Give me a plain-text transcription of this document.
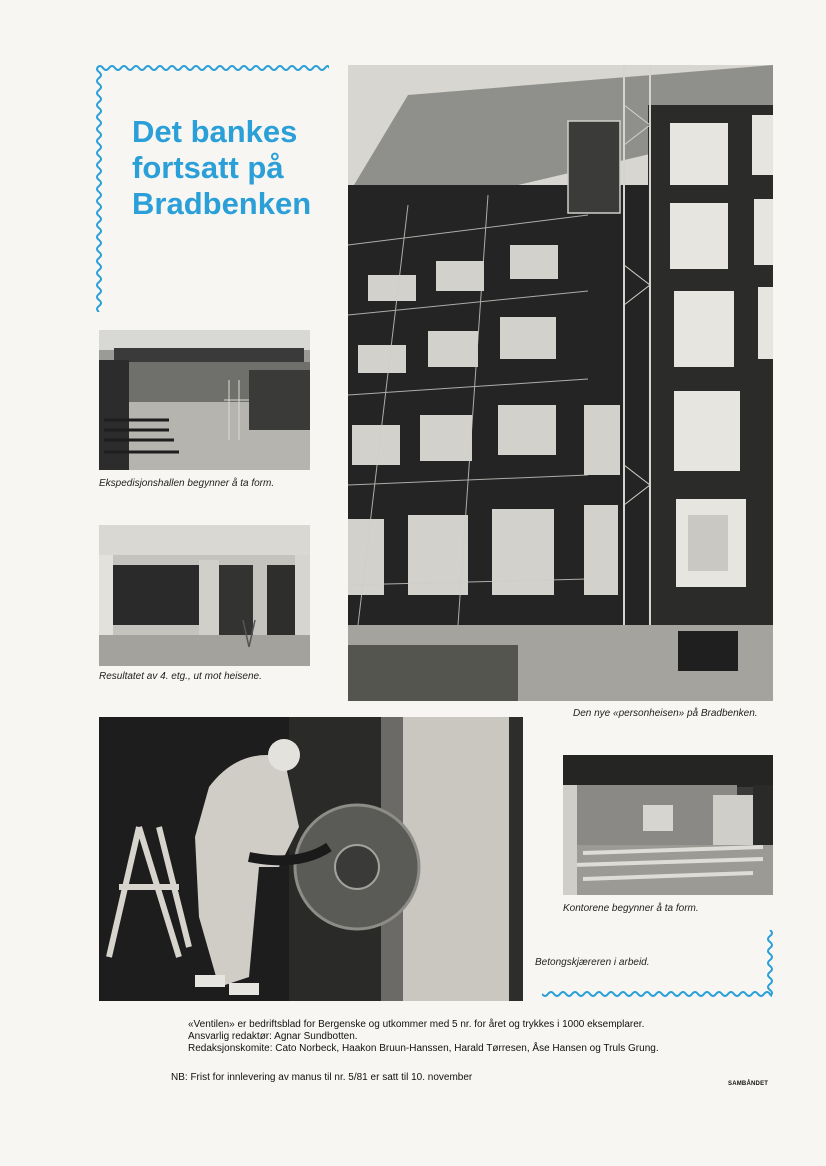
Det bankes
fortsatt på
Bradbenken
Ekspedisjonshallen begynner å ta form.
Resultatet av 4. etg., ut mot heisene.
Den nye «personheisen» på Bradbenken.
Betongskjæreren i arbeid.
Kontorene begynner å ta form.
«Ventilen» er bedriftsblad for Bergenske og utkommer med 5 nr. for året og trykkes i 1000 eksemplarer.
Ansvarlig redaktør: Agnar Sundbotten.
Redaksjonskomite: Cato Norbeck, Haakon Bruun-Hanssen, Harald Tørresen, Åse Hansen og Truls Grung.
NB: Frist for innlevering av manus til nr. 5/81 er satt til 10. november
SAMBÅNDET
